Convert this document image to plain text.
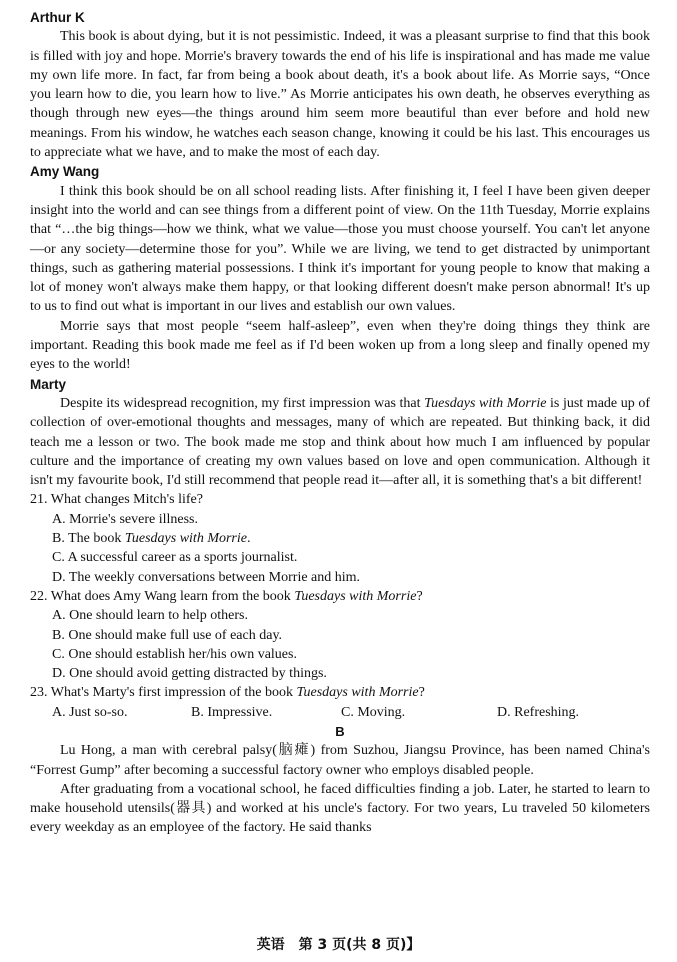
Arthur K

This book is about dying, but it is not pessimistic. Indeed, it was a pleasant surprise to find that this book is filled with joy and hope. Morrie's bravery towards the end of his life is inspirational and has made me value my own life more. In fact, far from being a book about death, it's a book about life. As Morrie says, “Once you learn how to die, you learn how to live.” As Morrie anticipates his own death, he observes everything as though through new eyes—the things around him seem more beautiful than ever before and hold new meanings. From his window, he watches each season change, knowing it could be his last. This encourages us to appreciate what we have, and to make the most of each day.

Amy Wang

I think this book should be on all school reading lists. After finishing it, I feel I have been given deeper insight into the world and can see things from a different point of view. On the 11th Tuesday, Morrie explains that “…the big things—how we think, what we value—those you must choose yourself. You can't let anyone—or any society—determine those for you”. While we are living, we tend to get distracted by unimportant things, such as gathering material possessions. I think it's important for young people to know that making a lot of money won't always make them happy, or that looking different doesn't make person abnormal! It's up to us to find out what is important in our lives and establish our own values.

Morrie says that most people “seem half-asleep”, even when they're doing things they think are important. Reading this book made me feel as if I'd been woken up from a long sleep and finally opened my eyes to the world!

Marty

Despite its widespread recognition, my first impression was that Tuesdays with Morrie is just made up of collection of over-emotional thoughts and messages, many of which are repeated. But thinking back, it did teach me a lesson or two. The book made me stop and think about how much I am influenced by popular culture and the importance of creating my own values based on love and open communication. Although it isn't my favourite book, I'd still recommend that people read it—after all, it is something that's a bit different!

21. What changes Mitch's life?

A. Morrie's severe illness.

B. The book Tuesdays with Morrie.

C. A successful career as a sports journalist.

D. The weekly conversations between Morrie and him.

22. What does Amy Wang learn from the book Tuesdays with Morrie?

A. One should learn to help others.

B. One should make full use of each day.

C. One should establish her/his own values.

D. One should avoid getting distracted by things.

23. What's Marty's first impression of the book Tuesdays with Morrie?

A. Just so-so.	B. Impressive.	C. Moving.	D. Refreshing.

B

Lu Hong, a man with cerebral palsy(脑瘫) from Suzhou, Jiangsu Province, has been named China's “Forrest Gump” after becoming a successful factory owner who employs disabled people.

After graduating from a vocational school, he faced difficulties finding a job. Later, he started to learn to make household utensils(器具) and worked at his uncle's factory. For two years, Lu traveled 50 kilometers every weekday as an employee of the factory. He said thanks

英语　第 3 页(共 8 页)】
